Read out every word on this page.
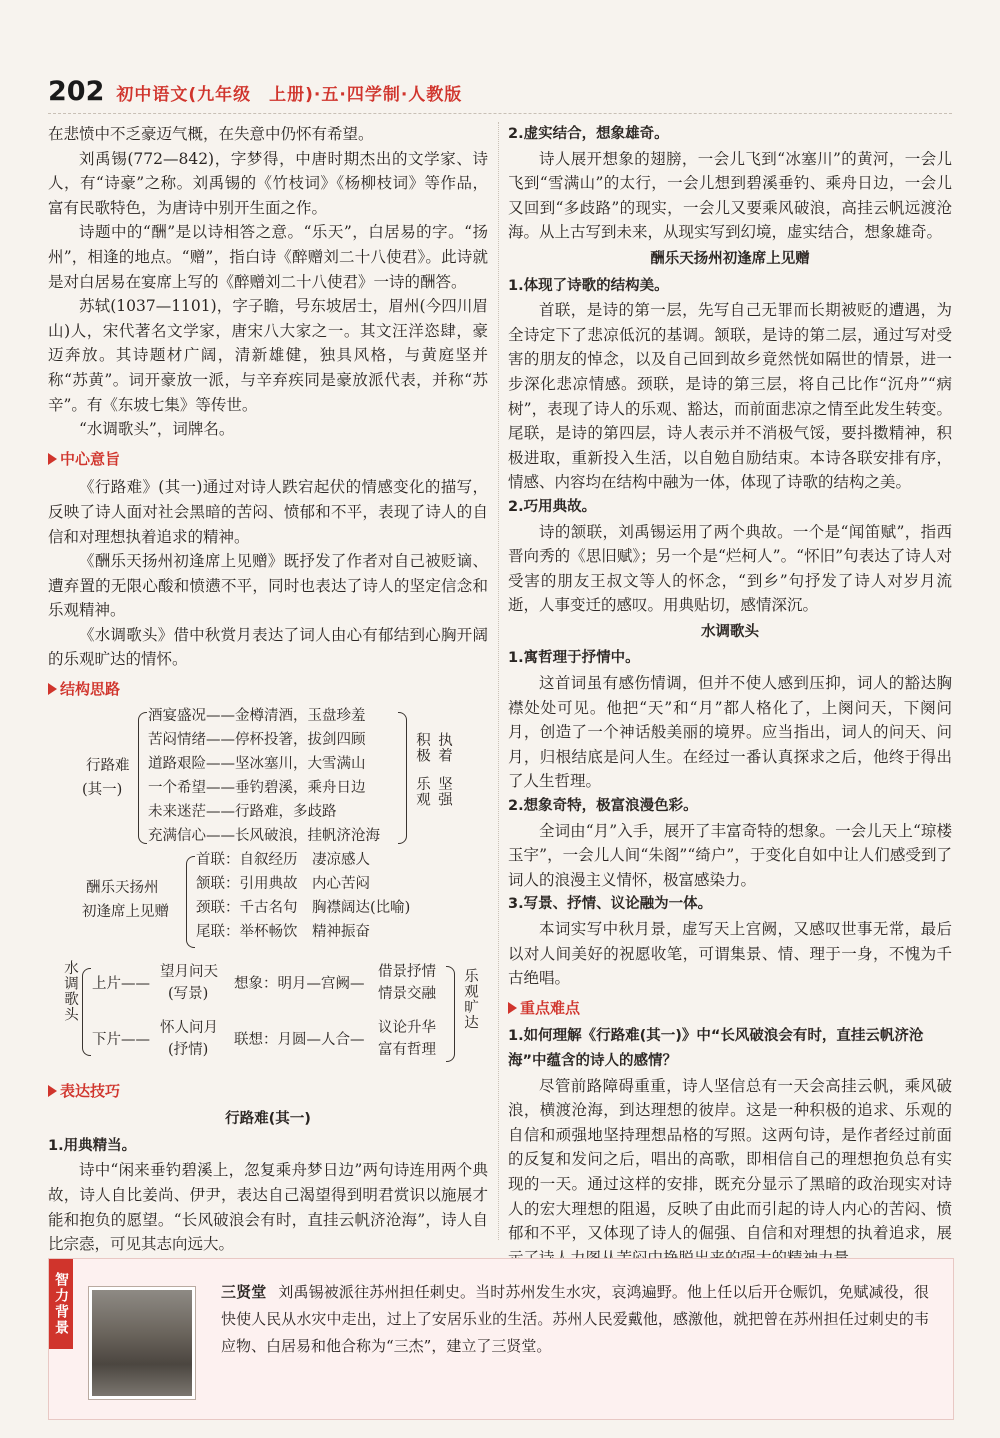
202 初中语文(九年级　上册)·五·四学制·人教版

在悲愤中不乏豪迈气概，在失意中仍怀有希望。

刘禹锡(772—842)，字梦得，中唐时期杰出的文学家、诗人，有“诗豪”之称。刘禹锡的《竹枝词》《杨柳枝词》等作品，富有民歌特色，为唐诗中别开生面之作。

诗题中的“酬”是以诗相答之意。“乐天”，白居易的字。“扬州”，相逢的地点。“赠”，指白诗《醉赠刘二十八使君》。此诗就是对白居易在宴席上写的《醉赠刘二十八使君》一诗的酬答。

苏轼(1037—1101)，字子瞻，号东坡居士，眉州(今四川眉山)人，宋代著名文学家，唐宋八大家之一。其文汪洋恣肆，豪迈奔放。其诗题材广阔，清新雄健，独具风格，与黄庭坚并称“苏黄”。词开豪放一派，与辛弃疾同是豪放派代表，并称“苏辛”。有《东坡七集》等传世。

“水调歌头”，词牌名。

中心意旨

《行路难》(其一)通过对诗人跌宕起伏的情感变化的描写，反映了诗人面对社会黑暗的苦闷、愤郁和不平，表现了诗人的自信和对理想执着追求的精神。

《酬乐天扬州初逢席上见赠》既抒发了作者对自己被贬谪、遭弃置的无限心酸和愤懑不平，同时也表达了诗人的坚定信念和乐观精神。

《水调歌头》借中秋赏月表达了词人由心有郁结到心胸开阔的乐观旷达的情怀。

结构思路
行路难
(其一)
酒宴盛况——金樽清酒，玉盘珍羞
苦闷情绪——停杯投箸，拔剑四顾
道路艰险——坚冰塞川，大雪满山
一个希望——垂钓碧溪，乘舟日边
未来迷茫——行路难，多歧路
充满信心——长风破浪，挂帆济沧海
执着
积极
坚强
乐观
酬乐天扬州
初逢席上见赠
首联：自叙经历　凄凉感人
颔联：引用典故　内心苦闷
颈联：千古名句　胸襟阔达(比喻)
尾联：举杯畅饮　精神振奋
水调歌头 上片——
下片——
望月问天
(写景)
怀人问月
(抒情)
想象：明月—宫阙—
联想：月圆—人合—
借景抒情
情景交融
议论升华
富有哲理
乐观旷达
表达技巧
行路难(其一)
1.用典精当。

诗中“闲来垂钓碧溪上，忽复乘舟梦日边”两句诗连用两个典故，诗人自比姜尚、伊尹，表达自己渴望得到明君赏识以施展才能和抱负的愿望。“长风破浪会有时，直挂云帆济沧海”，诗人自比宗悫，可见其志向远大。

2.虚实结合，想象雄奇。

诗人展开想象的翅膀，一会儿飞到“冰塞川”的黄河，一会儿飞到“雪满山”的太行，一会儿想到碧溪垂钓、乘舟日边，一会儿又回到“多歧路”的现实，一会儿又要乘风破浪，高挂云帆远渡沧海。从上古写到未来，从现实写到幻境，虚实结合，想象雄奇。

酬乐天扬州初逢席上见赠
1.体现了诗歌的结构美。

首联，是诗的第一层，先写自己无罪而长期被贬的遭遇，为全诗定下了悲凉低沉的基调。颔联，是诗的第二层，通过写对受害的朋友的悼念，以及自己回到故乡竟然恍如隔世的情景，进一步深化悲凉情感。颈联，是诗的第三层，将自己比作“沉舟”“病树”，表现了诗人的乐观、豁达，而前面悲凉之情至此发生转变。尾联，是诗的第四层，诗人表示并不消极气馁，要抖擞精神，积极进取，重新投入生活，以自勉自励结束。本诗各联安排有序，情感、内容均在结构中融为一体，体现了诗歌的结构之美。

2.巧用典故。

诗的颔联，刘禹锡运用了两个典故。一个是“闻笛赋”，指西晋向秀的《思旧赋》；另一个是“烂柯人”。“怀旧”句表达了诗人对受害的朋友王叔文等人的怀念，“到乡”句抒发了诗人对岁月流逝，人事变迁的感叹。用典贴切，感情深沉。

水调歌头
1.寓哲理于抒情中。

这首词虽有感伤情调，但并不使人感到压抑，词人的豁达胸襟处处可见。他把“天”和“月”都人格化了，上阕问天，下阕问月，创造了一个神话般美丽的境界。应当指出，词人的问天、问月，归根结底是问人生。在经过一番认真探求之后，他终于得出了人生哲理。

2.想象奇特，极富浪漫色彩。

全词由“月”入手，展开了丰富奇特的想象。一会儿天上“琼楼玉宇”，一会儿人间“朱阁”“绮户”，于变化自如中让人们感受到了词人的浪漫主义情怀，极富感染力。

3.写景、抒情、议论融为一体。

本词实写中秋月景，虚写天上宫阙，又感叹世事无常，最后以对人间美好的祝愿收笔，可谓集景、情、理于一身，不愧为千古绝唱。

重点难点
1.如何理解《行路难(其一)》中“长风破浪会有时，直挂云帆济沧海”中蕴含的诗人的感情？

尽管前路障碍重重，诗人坚信总有一天会高挂云帆，乘风破浪，横渡沧海，到达理想的彼岸。这是一种积极的追求、乐观的自信和顽强地坚持理想品格的写照。这两句诗，是作者经过前面的反复和发问之后，唱出的高歌，即相信自己的理想抱负总有实现的一天。通过这样的安排，既充分显示了黑暗的政治现实对诗人的宏大理想的阻遏，反映了由此而引起的诗人内心的苦闷、愤郁和不平，又体现了诗人的倔强、自信和对理想的执着追求，展

智力背景	三贤堂 刘禹锡被派往苏州担任刺史。当时苏州发生水灾，哀鸿遍野。他上任以后开仓赈饥，免赋减役，很快使人民从水灾中走出，过上了安居乐业的生活。苏州人民爱戴他，感激他，就把曾在苏州担任过刺史的韦应物、白居易和他合称为“三杰”，建立了三贤堂。
